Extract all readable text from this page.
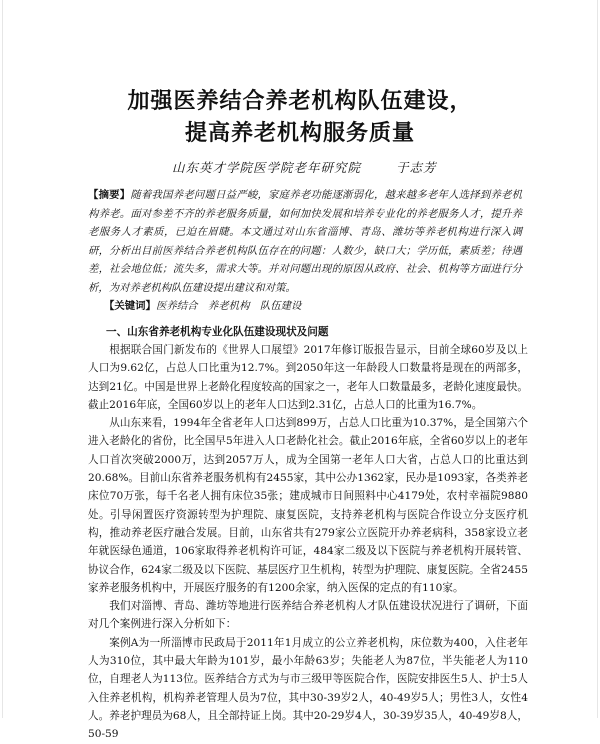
加强医养结合养老机构队伍建设，
提高养老机构服务质量
山东英才学院医学院老年研究院	于志芳
【摘要】随着我国养老问题日益严峻，家庭养老功能逐渐弱化，越来越多老年人选择到养老机构养老。面对参差不齐的养老服务质量，如何加快发展和培养专业化的养老服务人才，提升养老服务人才素质，已迫在眉睫。本文通过对山东省淄博、青岛、潍坊等养老机构进行深入调研，分析出目前医养结合养老机构队伍存在的问题：人数少，缺口大；学历低，素质差；待遇差，社会地位低；流失多，需求大等。并对问题出现的原因从政府、社会、机构等方面进行分析，为对养老机构队伍建设提出建议和对策。
【关键词】医养结合　养老机构　队伍建设
一、山东省养老机构专业化队伍建设现状及问题

根据联合国门新发布的《世界人口展望》2017年修订版报告显示，目前全球60岁及以上人口为9.62亿，占总人口比重为12.7%。到2050年这一年龄段人口数量将是现在的两部多，达到21亿。中国是世界上老龄化程度较高的国家之一，老年人口数量最多，老龄化速度最快。截止2016年底，全国60岁以上的老年人口达到2.31亿，占总人口的比重为16.7%。

从山东来看，1994年全省老年人口达到899万，占总人口比重为10.37%，是全国第六个进入老龄化的省份，比全国早5年进入人口老龄化社会。截止2016年底，全省60岁以上的老年人口首次突破2000万，达到2057万人，成为全国第一老年人口大省，占总人口的比重达到20.68%。目前山东省养老服务机构有2455家，其中公办1362家，民办是1093家，各类养老床位70万张，每千名老人拥有床位35张；建成城市日间照料中心4179处，农村幸福院9880处。引导闲置医疗资源转型为护理院、康复医院，支持养老机构与医院合作设立分支医疗机构，推动养老医疗融合发展。目前，山东省共有279家公立医院开办养老病科，358家设立老年就医绿色通道，106家取得养老机构许可证，484家二级及以下医院与养老机构开展转管、协议合作，624家二级及以下医院、基层医疗卫生机构，转型为护理院、康复医院。全省2455家养老服务机构中，开展医疗服务的有1200余家，纳入医保的定点的有110家。

我们对淄博、青岛、潍坊等地进行医养结合养老机构人才队伍建设状况进行了调研，下面对几个案例进行深入分析如下：

案例A为一所淄博市民政局于2011年1月成立的公立养老机构，床位数为400，入住老年人为310位，其中最大年龄为101岁，最小年龄63岁；失能老人为87位，半失能老人为110位，自理老人为113位。医养结合方式为与市三级甲等医院合作，医院安排医生5人、护士5人入住养老机构，机构养老管理人员为7位，其中30-39岁2人，40-49岁5人；男性3人，女性4人。养老护理员为68人，且全部持证上岗。其中20-29岁4人，30-39岁35人，40-49岁8人，50-59
